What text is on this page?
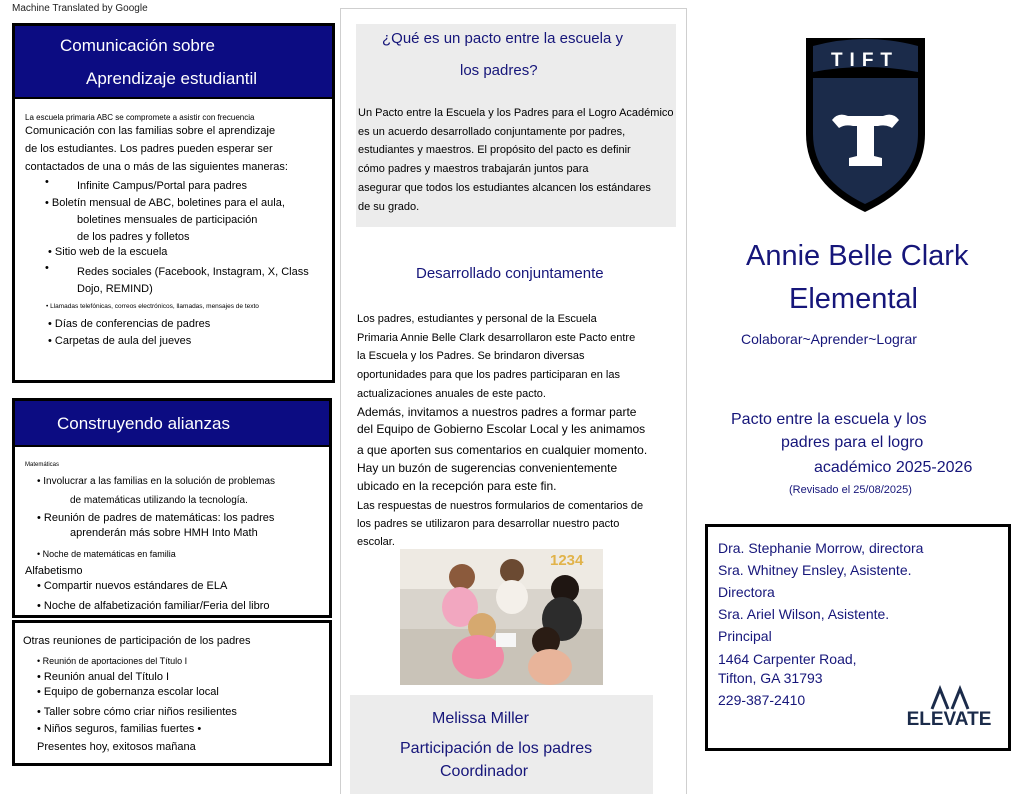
Machine Translated by Google
Comunicación sobre
Aprendizaje estudiantil
La escuela primaria ABC se compromete a asistir con frecuencia
Comunicación con las familias sobre el aprendizaje
de los estudiantes. Los padres pueden esperar ser
contactados de una o más de las siguientes maneras:
•	Infinite Campus/Portal para padres
• Boletín mensual de ABC, boletines para el aula,
boletines mensuales de participación
de los padres y folletos
• Sitio web de la escuela
•	Redes sociales (Facebook, Instagram, X, Class
Dojo, REMIND)
• Llamadas telefónicas, correos electrónicos, llamadas, mensajes de texto
• Días de conferencias de padres
• Carpetas de aula del jueves
Construyendo alianzas
Matemáticas
• Involucrar a las familias en la solución de problemas
de matemáticas utilizando la tecnología.
• Reunión de padres de matemáticas: los padres
aprenderán más sobre HMH Into Math
• Noche de matemáticas en familia
Alfabetismo
• Compartir nuevos estándares de ELA
• Noche de alfabetización familiar/Feria del libro
Otras reuniones de participación de los padres
• Reunión de aportaciones del Título I
• Reunión anual del Título I
• Equipo de gobernanza escolar local
• Taller sobre cómo criar niños resilientes
• Niños seguros, familias fuertes •
Presentes hoy, exitosos mañana
¿Qué es un pacto entre la escuela y
los padres?
Un Pacto entre la Escuela y los Padres para el Logro Académico
es un acuerdo desarrollado conjuntamente por padres,
estudiantes y maestros. El propósito del pacto es definir
cómo padres y maestros trabajarán juntos para
asegurar que todos los estudiantes alcancen los estándares
de su grado.
Desarrollado conjuntamente
Los padres, estudiantes y personal de la Escuela
Primaria Annie Belle Clark desarrollaron este Pacto entre
la Escuela y los Padres. Se brindaron diversas
oportunidades para que los padres participaran en las
actualizaciones anuales de este pacto.
Además, invitamos a nuestros padres a formar parte
del Equipo de Gobierno Escolar Local y les animamos
a que aporten sus comentarios en cualquier momento.
Hay un buzón de sugerencias convenientemente
ubicado en la recepción para este fin.
Las respuestas de nuestros formularios de comentarios de
los padres se utilizaron para desarrollar nuestro pacto
escolar.
1234
Melissa Miller
Participación de los padres
Coordinador
TIFT
Annie Belle Clark
Elemental
Colaborar~Aprender~Lograr
Pacto entre la escuela y los
padres para el logro
académico 2025-2026
(Revisado el 25/08/2025)
Dra. Stephanie Morrow, directora
Sra. Whitney Ensley, Asistente.
Directora
Sra. Ariel Wilson, Asistente.
Principal
1464 Carpenter Road,
Tifton, GA 31793
229-387-2410
ELEVATE
